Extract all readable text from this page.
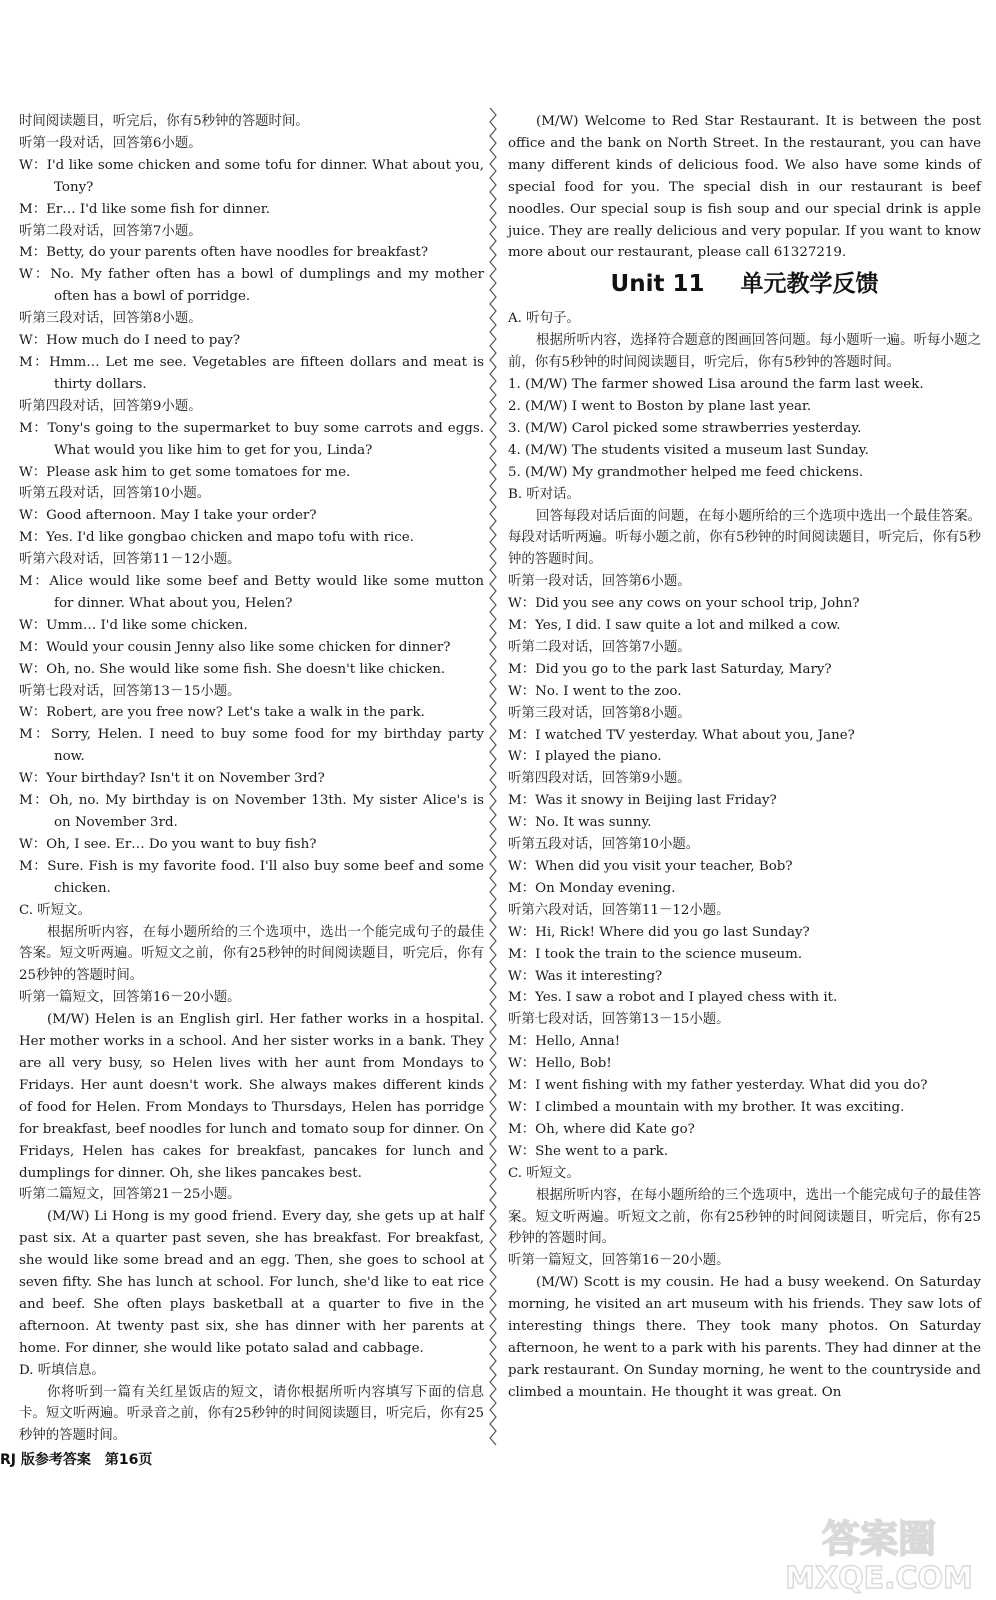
时间阅读题目，听完后，你有5秒钟的答题时间。

听第一段对话，回答第6小题。

W：I'd like some chicken and some tofu for dinner. What about you, Tony?

M：Er… I'd like some fish for dinner.

听第二段对话，回答第7小题。

M：Betty, do your parents often have noodles for breakfast?

W：No. My father often has a bowl of dumplings and my mother often has a bowl of porridge.

听第三段对话，回答第8小题。

W：How much do I need to pay?

M：Hmm… Let me see. Vegetables are fifteen dollars and meat is thirty dollars.

听第四段对话，回答第9小题。

M：Tony's going to the supermarket to buy some carrots and eggs. What would you like him to get for you, Linda?

W：Please ask him to get some tomatoes for me.

听第五段对话，回答第10小题。

W：Good afternoon. May I take your order?

M：Yes. I'd like gongbao chicken and mapo tofu with rice.

听第六段对话，回答第11－12小题。

M：Alice would like some beef and Betty would like some mutton for dinner. What about you, Helen?

W：Umm… I'd like some chicken.

M：Would your cousin Jenny also like some chicken for dinner?

W：Oh, no. She would like some fish. She doesn't like chicken.

听第七段对话，回答第13－15小题。

W：Robert, are you free now? Let's take a walk in the park.

M：Sorry, Helen. I need to buy some food for my birthday party now.

W：Your birthday? Isn't it on November 3rd?

M：Oh, no. My birthday is on November 13th. My sister Alice's is on November 3rd.

W：Oh, I see. Er… Do you want to buy fish?

M：Sure. Fish is my favorite food. I'll also buy some beef and some chicken.

C. 听短文。

根据所听内容，在每小题所给的三个选项中，选出一个能完成句子的最佳答案。短文听两遍。听短文之前，你有25秒钟的时间阅读题目，听完后，你有25秒钟的答题时间。

听第一篇短文，回答第16－20小题。

(M/W) Helen is an English girl. Her father works in a hospital. Her mother works in a school. And her sister works in a bank. They are all very busy, so Helen lives with her aunt from Mondays to Fridays. Her aunt doesn't work. She always makes different kinds of food for Helen. From Mondays to Thursdays, Helen has porridge for breakfast, beef noodles for lunch and tomato soup for dinner. On Fridays, Helen has cakes for breakfast, pancakes for lunch and dumplings for dinner. Oh, she likes pancakes best.

听第二篇短文，回答第21－25小题。

(M/W) Li Hong is my good friend. Every day, she gets up at half past six. At a quarter past seven, she has breakfast. For breakfast, she would like some bread and an egg. Then, she goes to school at seven fifty. She has lunch at school. For lunch, she'd like to eat rice and beef. She often plays basketball at a quarter to five in the afternoon. At twenty past six, she has dinner with her parents at home. For dinner, she would like potato salad and cabbage.

D. 听填信息。

你将听到一篇有关红星饭店的短文，请你根据所听内容填写下面的信息卡。短文听两遍。听录音之前，你有25秒钟的时间阅读题目，听完后，你有25秒钟的答题时间。

(M/W) Welcome to Red Star Restaurant. It is between the post office and the bank on North Street. In the restaurant, you can have many different kinds of delicious food. We also have some kinds of special food for you. The special dish in our restaurant is beef noodles. Our special soup is fish soup and our special drink is apple juice. They are really delicious and very popular. If you want to know more about our restaurant, please call 61327219.

Unit 11 单元教学反馈

A. 听句子。

根据所听内容，选择符合题意的图画回答问题。每小题听一遍。听每小题之前，你有5秒钟的时间阅读题目，听完后，你有5秒钟的答题时间。

1. (M/W) The farmer showed Lisa around the farm last week.

2. (M/W) I went to Boston by plane last year.

3. (M/W) Carol picked some strawberries yesterday.

4. (M/W) The students visited a museum last Sunday.

5. (M/W) My grandmother helped me feed chickens.

B. 听对话。

回答每段对话后面的问题，在每小题所给的三个选项中选出一个最佳答案。每段对话听两遍。听每小题之前，你有5秒钟的时间阅读题目，听完后，你有5秒钟的答题时间。

听第一段对话，回答第6小题。

W：Did you see any cows on your school trip, John?

M：Yes, I did. I saw quite a lot and milked a cow.

听第二段对话，回答第7小题。

M：Did you go to the park last Saturday, Mary?

W：No. I went to the zoo.

听第三段对话，回答第8小题。

M：I watched TV yesterday. What about you, Jane?

W：I played the piano.

听第四段对话，回答第9小题。

M：Was it snowy in Beijing last Friday?

W：No. It was sunny.

听第五段对话，回答第10小题。

W：When did you visit your teacher, Bob?

M：On Monday evening.

听第六段对话，回答第11－12小题。

W：Hi, Rick! Where did you go last Sunday?

M：I took the train to the science museum.

W：Was it interesting?

M：Yes. I saw a robot and I played chess with it.

听第七段对话，回答第13－15小题。

M：Hello, Anna!

W：Hello, Bob!

M：I went fishing with my father yesterday. What did you do?

W：I climbed a mountain with my brother. It was exciting.

M：Oh, where did Kate go?

W：She went to a park.

C. 听短文。

根据所听内容，在每小题所给的三个选项中，选出一个能完成句子的最佳答案。短文听两遍。听短文之前，你有25秒钟的时间阅读题目，听完后，你有25秒钟的答题时间。

听第一篇短文，回答第16－20小题。

(M/W) Scott is my cousin. He had a busy weekend. On Saturday morning, he visited an art museum with his friends. They saw lots of interesting things there. They took many photos. On Saturday afternoon, he went to a park with his parents. They had dinner at the park restaurant. On Sunday morning, he went to the countryside and climbed a mountain. He thought it was great. On

RJ 版参考答案　第16页
答案圈
MXQE.COM
